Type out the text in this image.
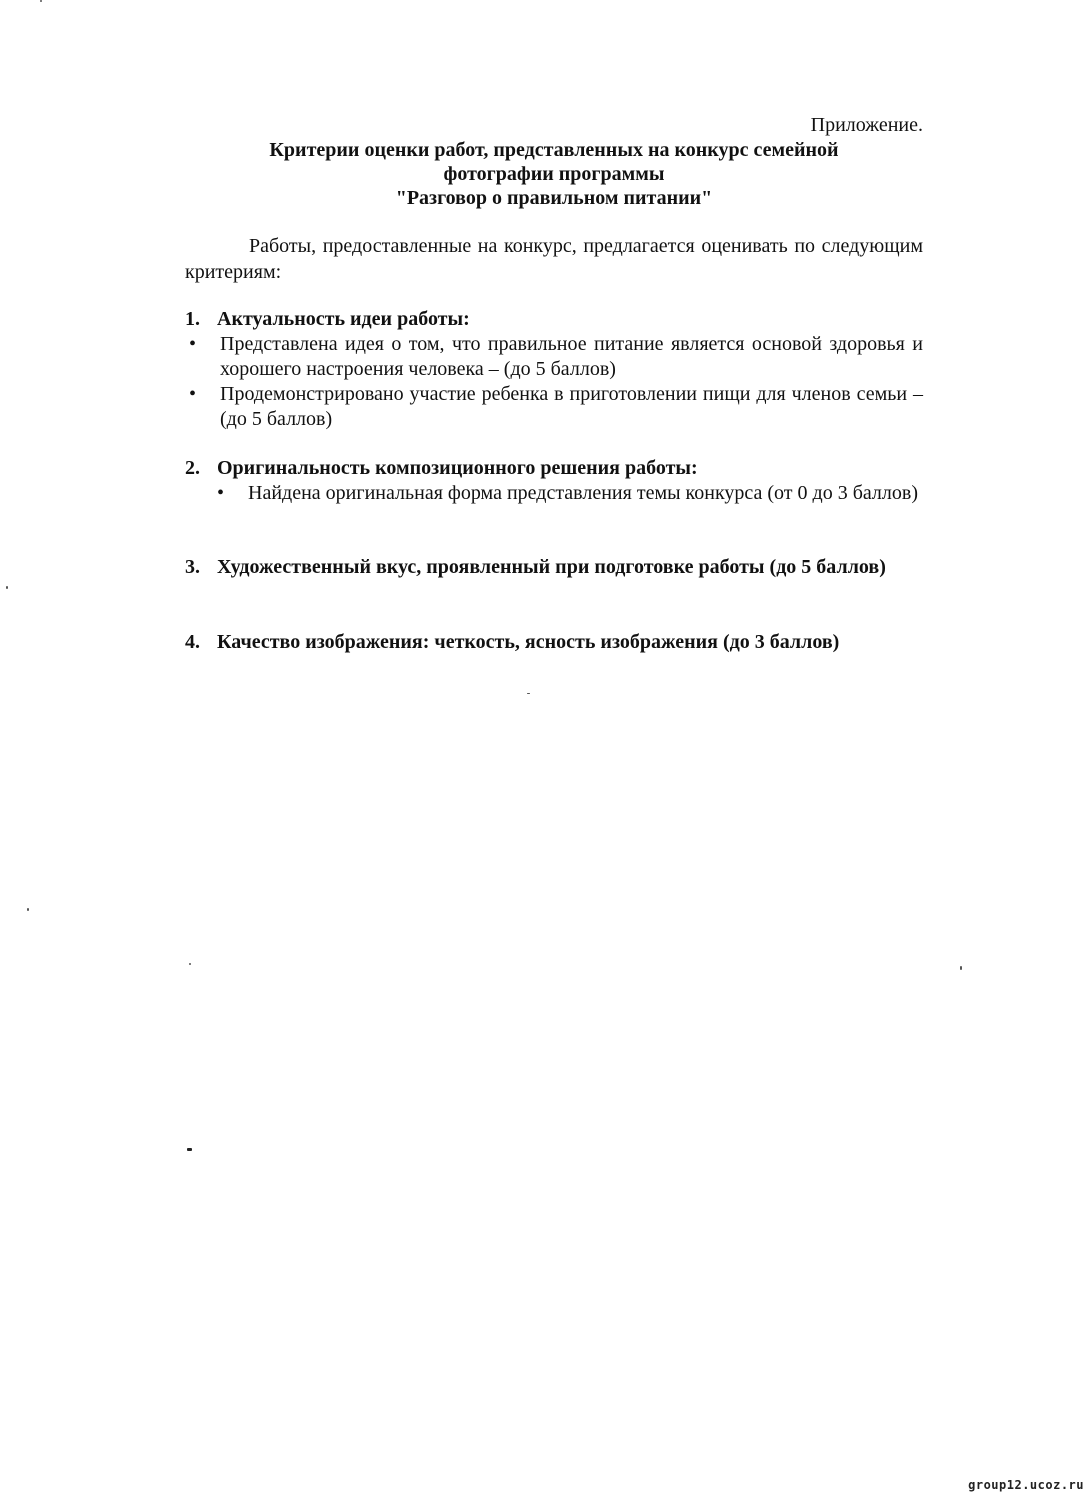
Приложение.
Критерии оценки работ, представленных на конкурс семейной
фотографии программы
"Разговор о правильном питании"

Работы, предоставленные на конкурс, предлагается оценивать по следующим критериям:

1. Актуальность идеи работы:
•	Представлена идея о том, что правильное питание является основой здоровья и хорошего настроения человека – (до 5 баллов)
•	Продемонстрировано участие ребенка в приготовлении пищи для членов семьи – (до 5 баллов)
2. Оригинальность композиционного решения работы:
•	Найдена оригинальная форма представления темы конкурса (от 0 до 3 баллов)
3. Художественный вкус, проявленный при подготовке работы (до 5 баллов)
4. Качество изображения: четкость, ясность изображения (до 3 баллов)
group12.ucoz.ru
